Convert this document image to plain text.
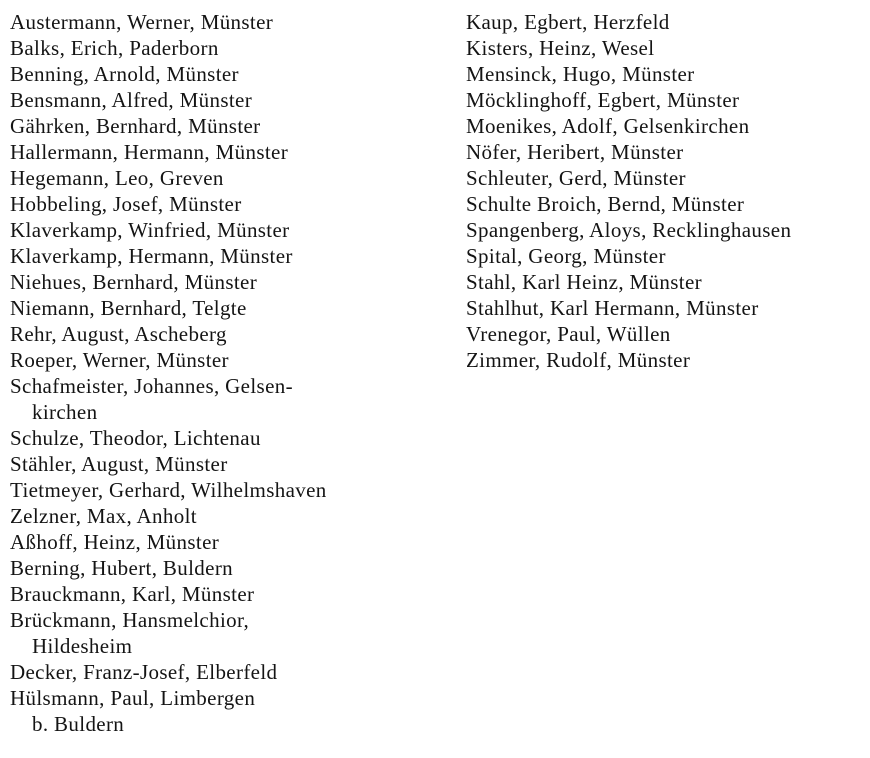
Austermann, Werner, Münster
Balks, Erich, Paderborn
Benning, Arnold, Münster
Bensmann, Alfred, Münster
Gährken, Bernhard, Münster
Hallermann, Hermann, Münster
Hegemann, Leo, Greven
Hobbeling, Josef, Münster
Klaverkamp, Winfried, Münster
Klaverkamp, Hermann, Münster
Niehues, Bernhard, Münster
Niemann, Bernhard, Telgte
Rehr, August, Ascheberg
Roeper, Werner, Münster
Schafmeister, Johannes, Gelsen-
kirchen
Schulze, Theodor, Lichtenau
Stähler, August, Münster
Tietmeyer, Gerhard, Wilhelmshaven
Zelzner, Max, Anholt
Aßhoff, Heinz, Münster
Berning, Hubert, Buldern
Brauckmann, Karl, Münster
Brückmann, Hansmelchior,
Hildesheim
Decker, Franz-Josef, Elberfeld
Hülsmann, Paul, Limbergen
b. Buldern
Kaup, Egbert, Herzfeld
Kisters, Heinz, Wesel
Mensinck, Hugo, Münster
Möcklinghoff, Egbert, Münster
Moenikes, Adolf, Gelsenkirchen
Nöfer, Heribert, Münster
Schleuter, Gerd, Münster
Schulte Broich, Bernd, Münster
Spangenberg, Aloys, Recklinghausen
Spital, Georg, Münster
Stahl, Karl Heinz, Münster
Stahlhut, Karl Hermann, Münster
Vrenegor, Paul, Wüllen
Zimmer, Rudolf, Münster
